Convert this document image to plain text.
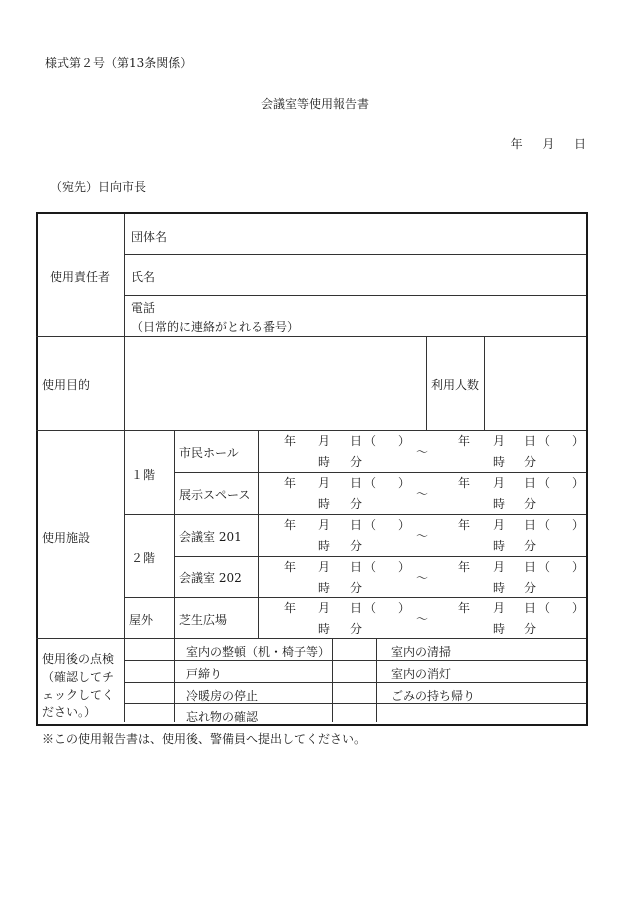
様式第２号（第13条関係）
会議室等使用報告書
年 月 日
（宛先）日向市長
使用責任者
団体名
氏名
電話
（日常的に連絡がとれる番号）
使用目的	利用人数
使用施設
１階
２階
屋外
市民ホール
展示スペース
会議室 201
会議室 202
芝生広場
年 月 日 （ ）
時 分
～
年 月 日 （ ）
時 分
年 月 日 （ ）
時 分
～
年 月 日 （ ）
時 分
年 月 日 （ ）
時 分
～
年 月 日 （ ）
時 分
年 月 日 （ ）
時 分
～
年 月 日 （ ）
時 分
年 月 日 （ ）
時 分
～
年 月 日 （ ）
時 分
使用後の点検
（確認してチ
ェックしてく
ださい。）
室内の整頓（机・椅子等）
戸締り
冷暖房の停止
忘れ物の確認
室内の清掃
室内の消灯
ごみの持ち帰り
※この使用報告書は、使用後、警備員へ提出してください。
